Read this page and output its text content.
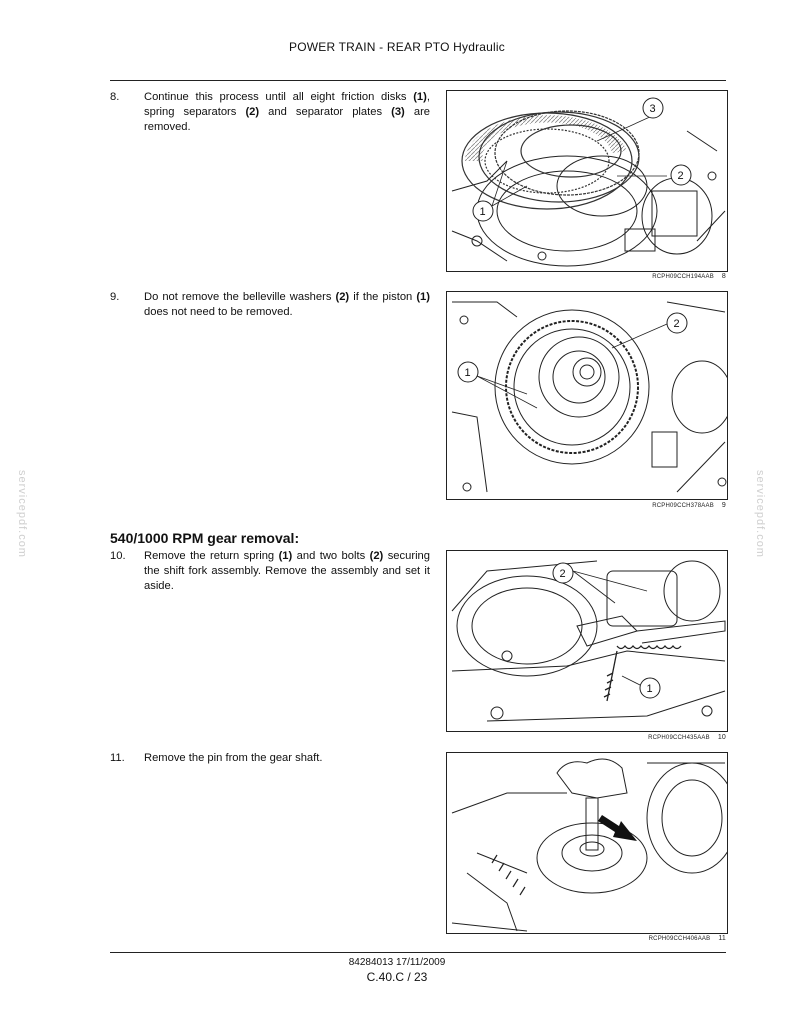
POWER TRAIN - REAR PTO Hydraulic
servicepdf.com	servicepdf.com
8. Continue this process until all eight friction disks (1), spring separators (2) and separator plates (3) are removed.
1
2
3
RCPH09CCH194AAB 8
9. Do not remove the belleville washers (2) if the piston (1) does not need to be removed.
1
2
RCPH09CCH378AAB 9
540/1000 RPM gear removal:
10. Remove the return spring (1) and two bolts (2) securing the shift fork assembly. Remove the assembly and set it aside.
2
1
RCPH09CCH435AAB 10
11. Remove the pin from the gear shaft.
RCPH09CCH406AAB 11
84284013 17/11/2009
C.40.C / 23
